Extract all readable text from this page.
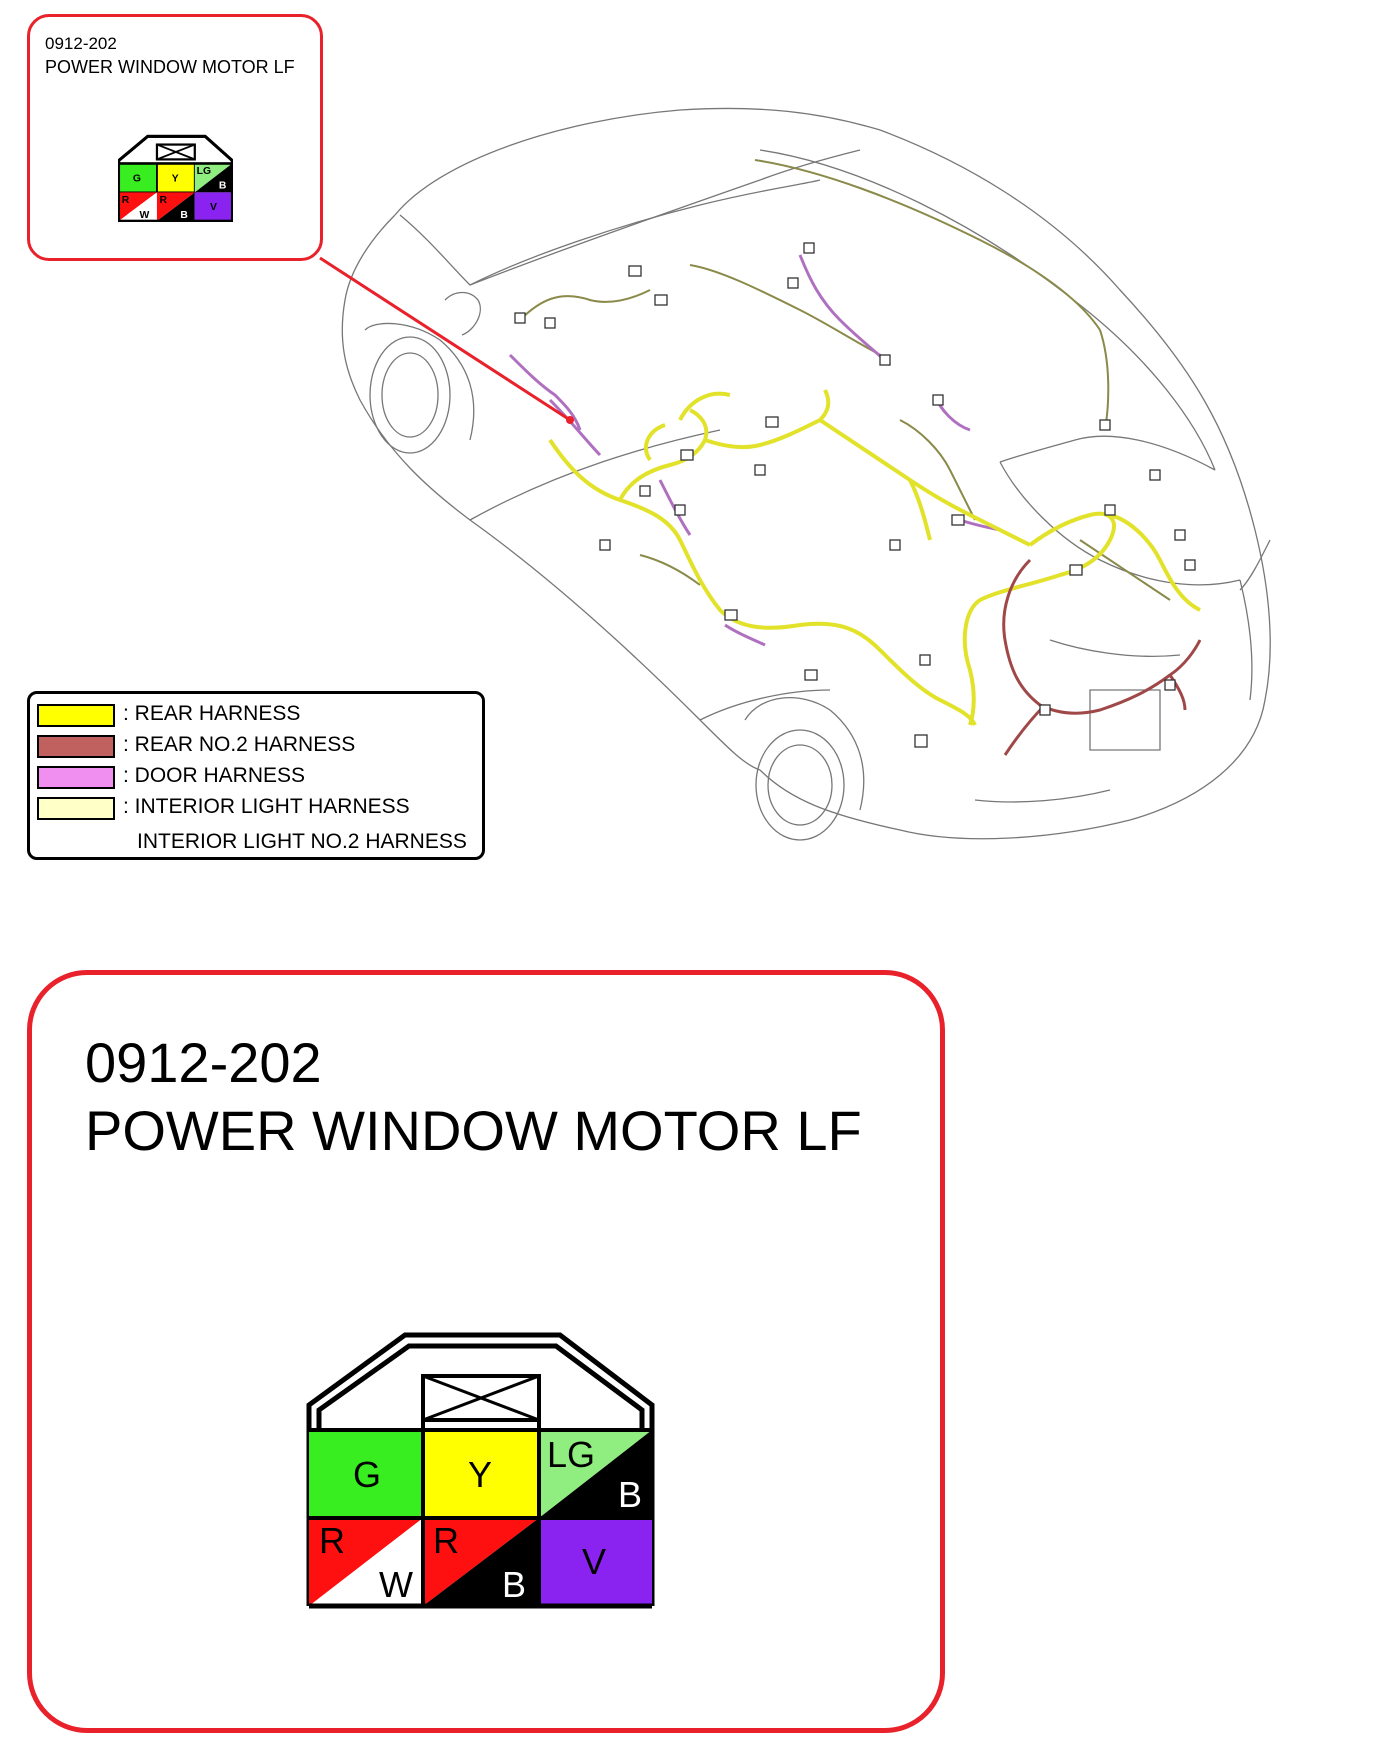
0912-202
POWER WINDOW MOTOR LF
: REAR HARNESS
: REAR NO.2 HARNESS
: DOOR HARNESS
: INTERIOR LIGHT HARNESS
INTERIOR LIGHT NO.2 HARNESS
0912-202
POWER WINDOW MOTOR LF
G Y LG
B
R
W
R
B
V
G Y
LG
B
R
W
R
B
V
